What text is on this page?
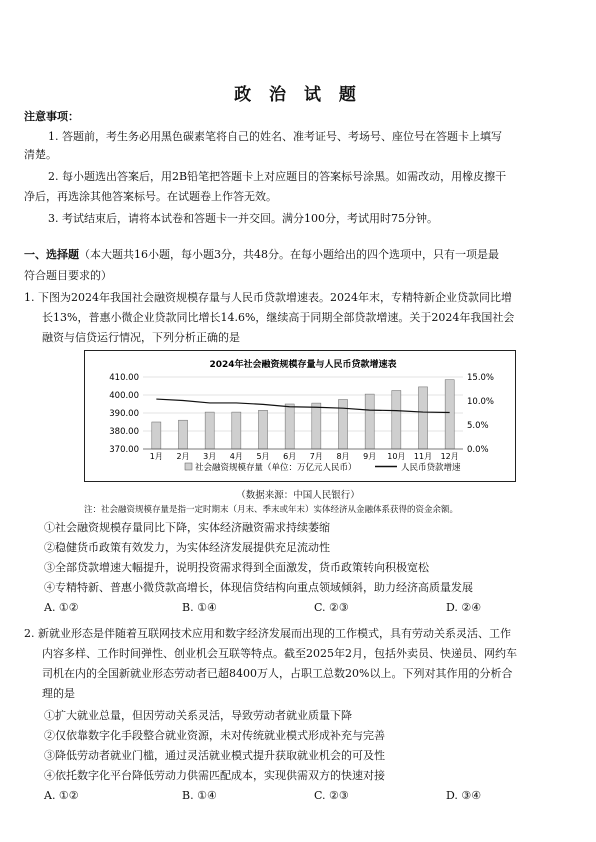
政 治 试 题
注意事项：
1. 答题前，考生务必用黑色碳素笔将自己的姓名、准考证号、考场号、座位号在答题卡上填写
清楚。
2. 每小题选出答案后，用2B铅笔把答题卡上对应题目的答案标号涂黑。如需改动，用橡皮擦干
净后，再选涂其他答案标号。在试题卷上作答无效。
3. 考试结束后，请将本试卷和答题卡一并交回。满分100分，考试用时75分钟。
一、选择题（本大题共16小题，每小题3分，共48分。在每小题给出的四个选项中，只有一项是最
符合题目要求的）
1. 下图为2024年我国社会融资规模存量与人民币贷款增速表。2024年末，专精特新企业贷款同比增
长13%，普惠小微企业贷款同比增长14.6%，继续高于同期全部贷款增速。关于2024年我国社会
融资与信贷运行情况，下列分析正确的是
2024年社会融资规模存量与人民币贷款增速表
410.00
400.00
390.00
380.00
370.00
15.0%
10.0%
5.0%
0.0%
1月 2月 3月 4月 5月 6月 7月 8月 9月 10月 11月 12月
社会融资规模存量（单位：万亿元人民币）	人民币贷款增速
（数据来源：中国人民银行）
注：社会融资规模存量是指一定时期末（月末、季末或年末）实体经济从金融体系获得的资金余额。
①社会融资规模存量同比下降，实体经济融资需求持续萎缩
②稳健货币政策有效发力，为实体经济发展提供充足流动性
③全部贷款增速大幅提升，说明投资需求得到全面激发，货币政策转向积极宽松
④专精特新、普惠小微贷款高增长，体现信贷结构向重点领域倾斜，助力经济高质量发展
A. ①②	B. ①④	C. ②③	D. ②④
2. 新就业形态是伴随着互联网技术应用和数字经济发展而出现的工作模式，具有劳动关系灵活、工作
内容多样、工作时间弹性、创业机会互联等特点。截至2025年2月，包括外卖员、快递员、网约车
司机在内的全国新就业形态劳动者已超8400万人，占职工总数20%以上。下列对其作用的分析合
理的是
①扩大就业总量，但因劳动关系灵活，导致劳动者就业质量下降
②仅依靠数字化手段整合就业资源，未对传统就业模式形成补充与完善
③降低劳动者就业门槛，通过灵活就业模式提升获取就业机会的可及性
④依托数字化平台降低劳动力供需匹配成本，实现供需双方的快速对接
A. ①②	B. ①④	C. ②③	D. ③④
